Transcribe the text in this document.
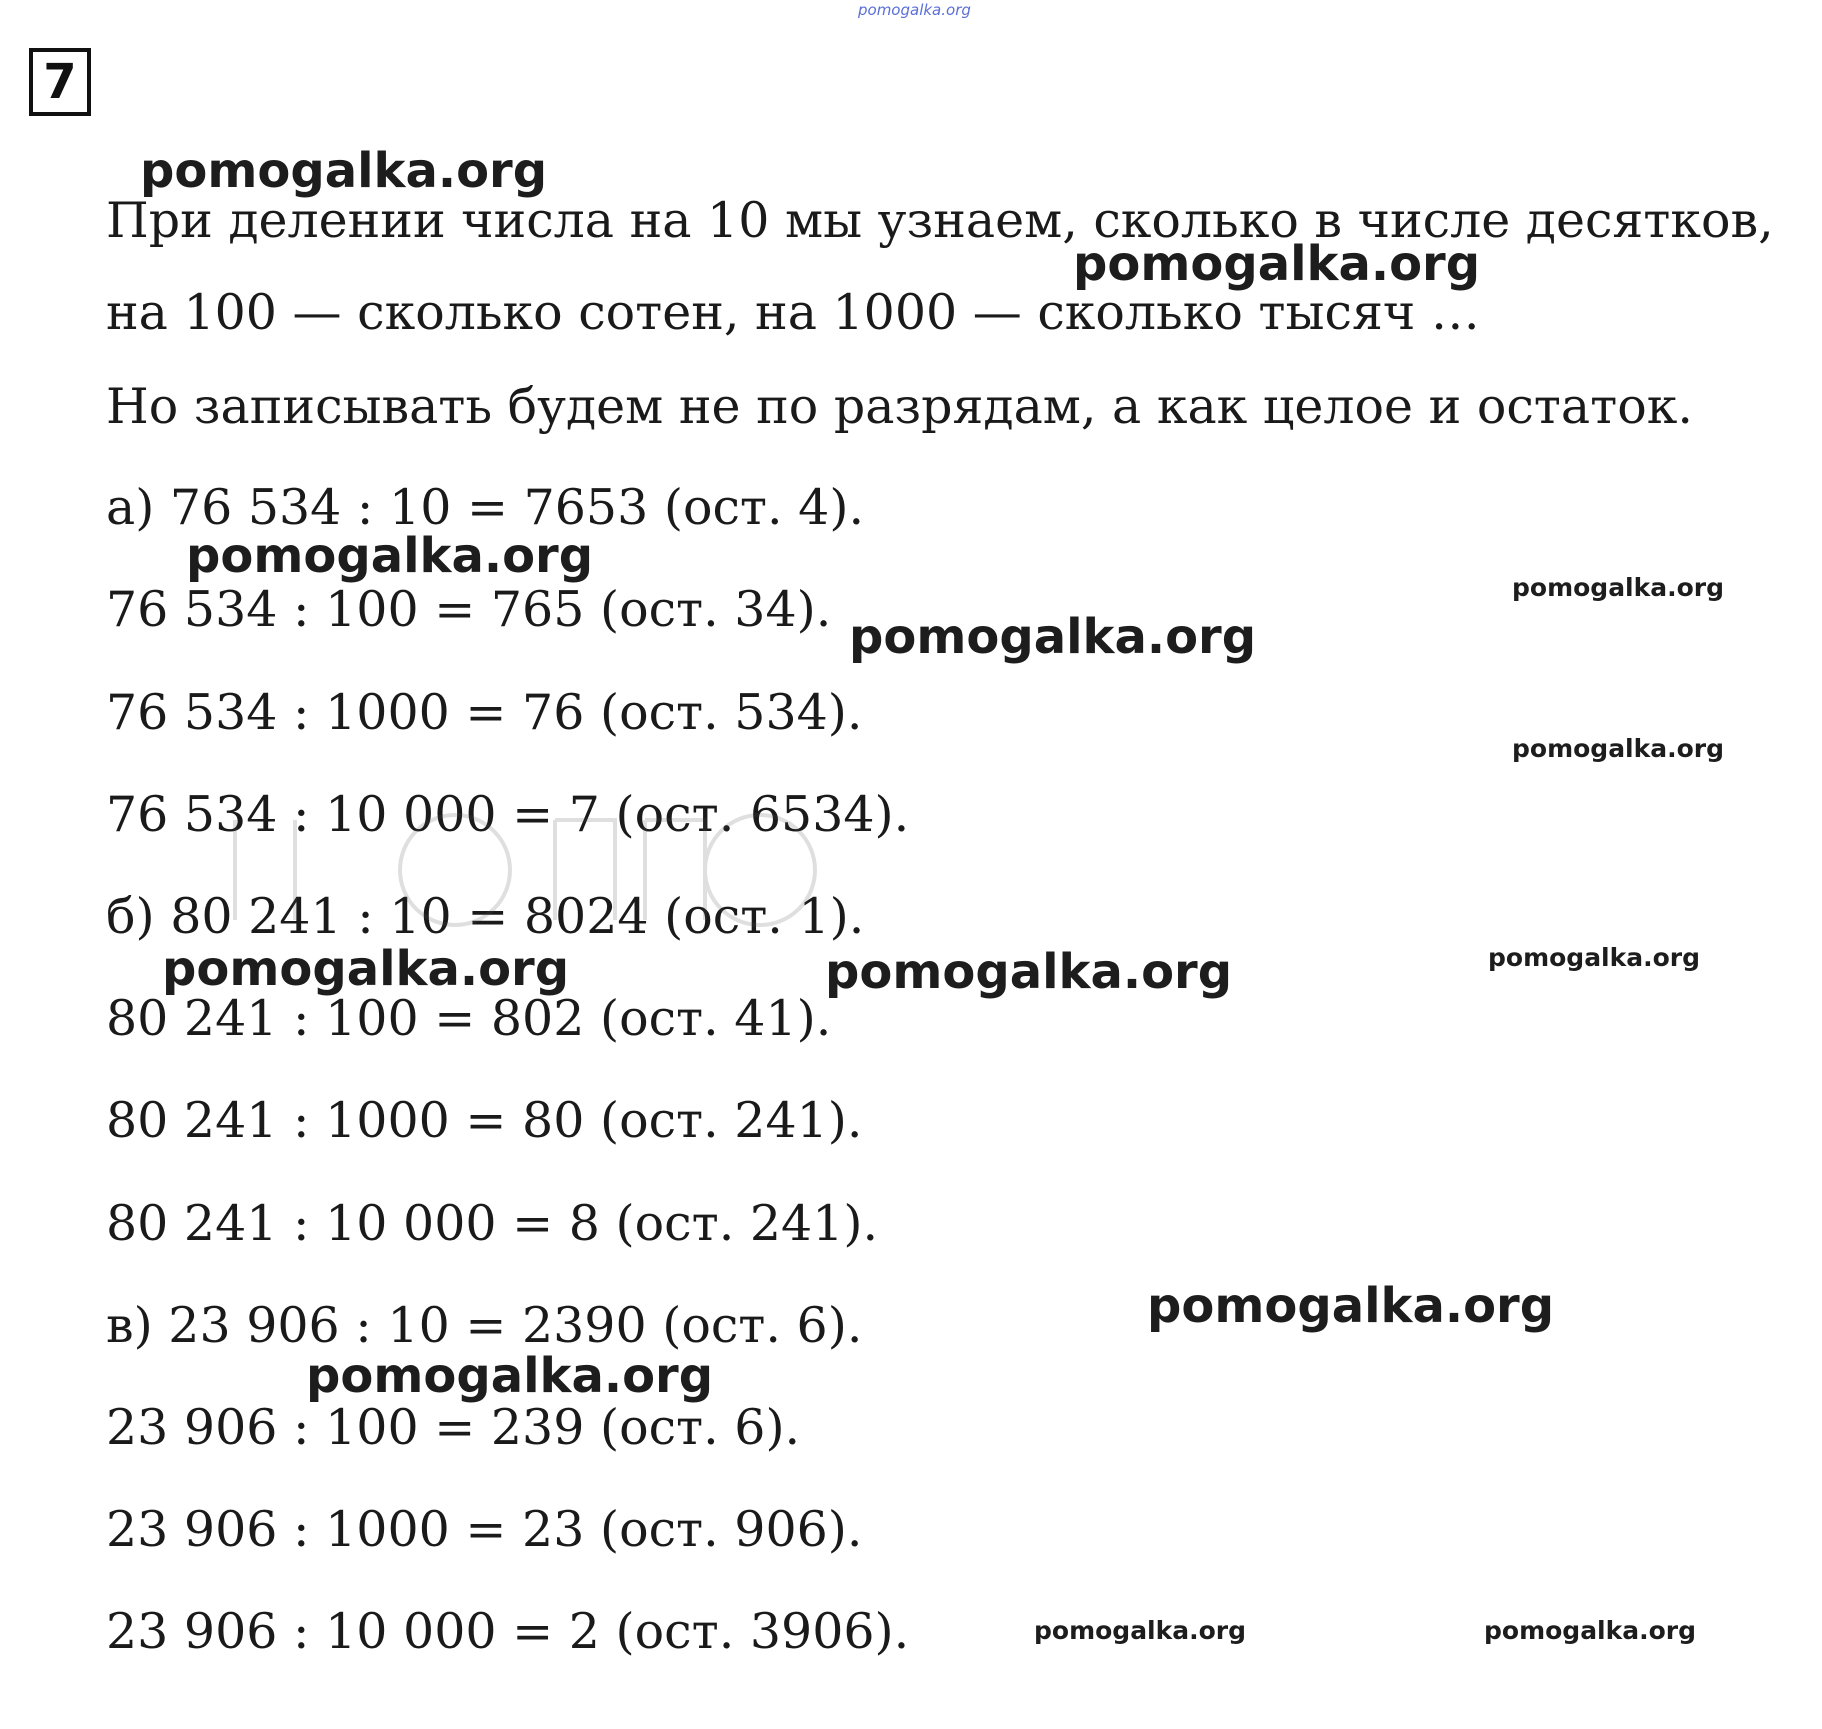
pomogalka.org
7
При делении числа на 10 мы узнаем, сколько в числе десятков,
на 100 — сколько сотен, на 1000 — сколько тысяч …
Но записывать будем не по разрядам, а как целое и остаток.
а) 76 534 : 10 = 7653 (ост. 4).
76 534 : 100 = 765 (ост. 34).
76 534 : 1000 = 76 (ост. 534).
76 534 : 10 000 = 7 (ост. 6534).
б) 80 241 : 10 = 8024 (ост. 1).
80 241 : 100 = 802 (ост. 41).
80 241 : 1000 = 80 (ост. 241).
80 241 : 10 000 = 8 (ост. 241).
в) 23 906 : 10 = 2390 (ост. 6).
23 906 : 100 = 239 (ост. 6).
23 906 : 1000 = 23 (ост. 906).
23 906 : 10 000 = 2 (ост. 3906).
pomogalka.org
pomogalka.org
pomogalka.org
pomogalka.org
pomogalka.org
pomogalka.org
pomogalka.org	pomogalka.org	pomogalka.org
pomogalka.org
pomogalka.org
pomogalka.org	pomogalka.org
